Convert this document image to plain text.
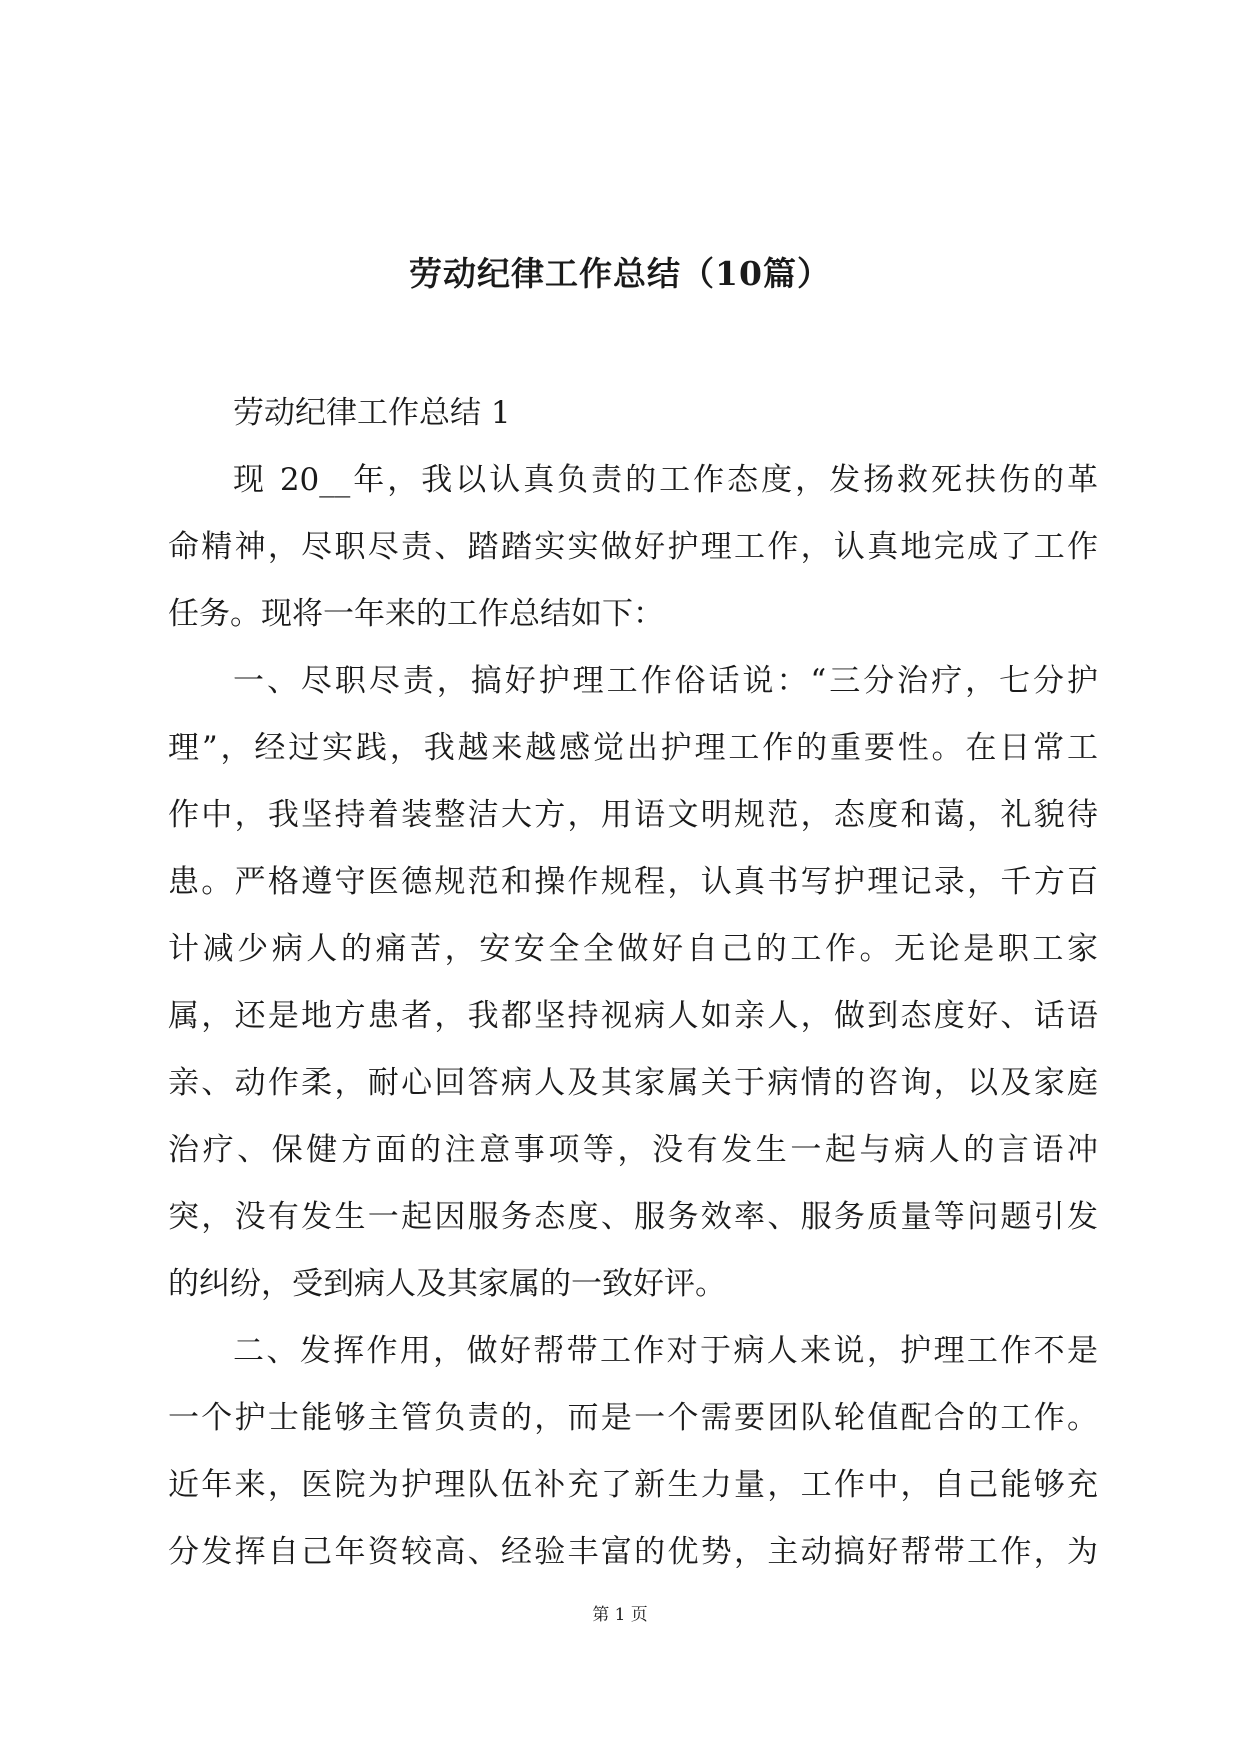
劳动纪律工作总结（10篇）
劳动纪律工作总结 1
现 20__年，我以认真负责的工作态度，发扬救死扶伤的革
命精神，尽职尽责、踏踏实实做好护理工作，认真地完成了工作
任务。现将一年来的工作总结如下：
一、尽职尽责，搞好护理工作俗话说：“三分治疗，七分护
理”，经过实践，我越来越感觉出护理工作的重要性。在日常工
作中，我坚持着装整洁大方，用语文明规范，态度和蔼，礼貌待
患。严格遵守医德规范和操作规程，认真书写护理记录，千方百
计减少病人的痛苦，安安全全做好自己的工作。无论是职工家
属，还是地方患者，我都坚持视病人如亲人，做到态度好、话语
亲、动作柔，耐心回答病人及其家属关于病情的咨询，以及家庭
治疗、保健方面的注意事项等，没有发生一起与病人的言语冲
突，没有发生一起因服务态度、服务效率、服务质量等问题引发
的纠纷，受到病人及其家属的一致好评。
二、发挥作用，做好帮带工作对于病人来说，护理工作不是
一个护士能够主管负责的，而是一个需要团队轮值配合的工作。
近年来，医院为护理队伍补充了新生力量，工作中，自己能够充
分发挥自己年资较高、经验丰富的优势，主动搞好帮带工作，为
第 1 页
